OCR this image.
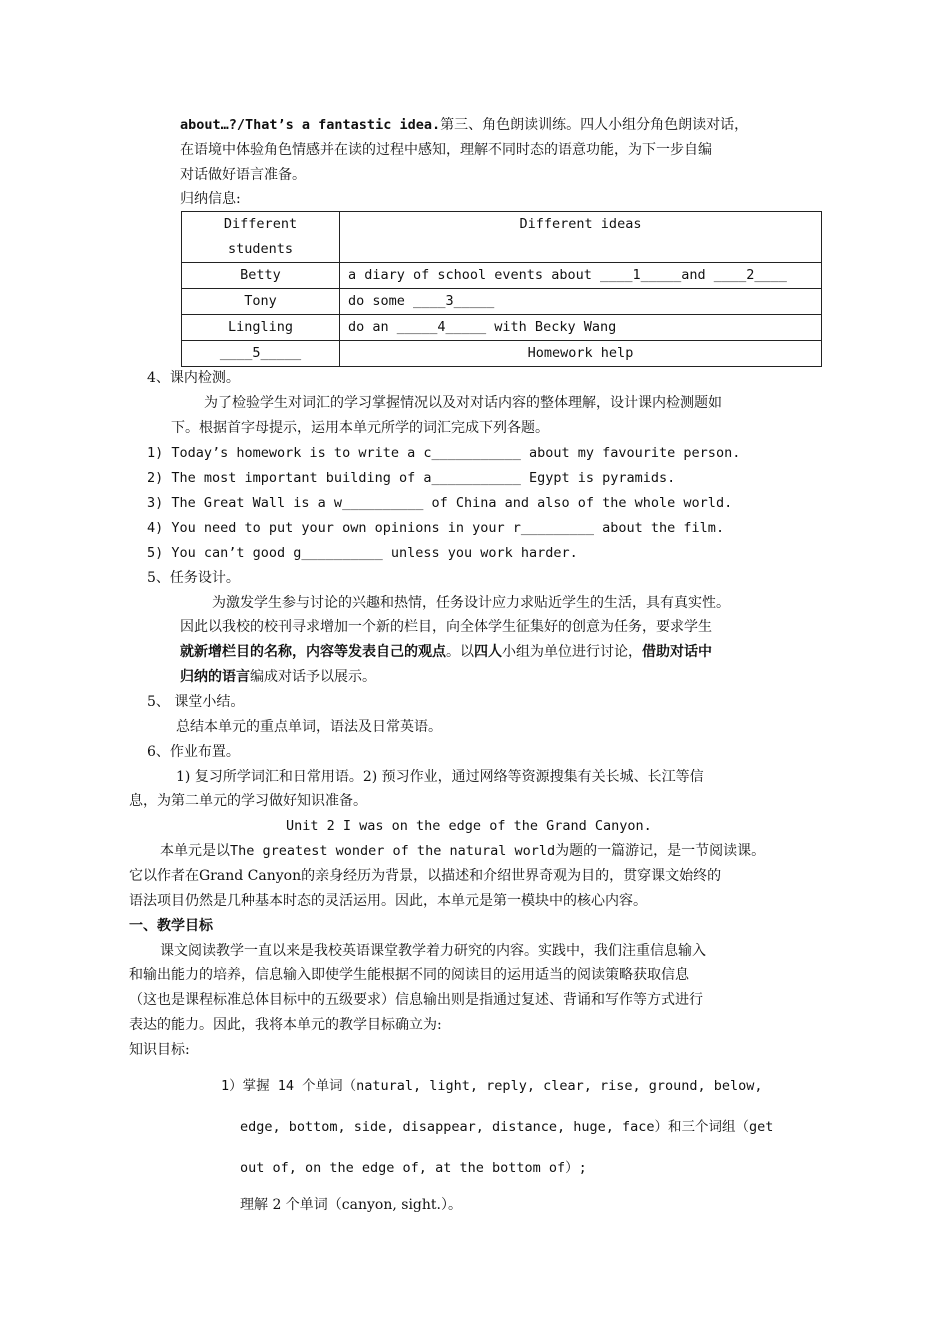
about…?/That’s a fantastic idea.第三、角色朗读训练。四人小组分角色朗读对话，
在语境中体验角色情感并在读的过程中感知，理解不同时态的语意功能，为下一步自编
对话做好语言准备。
归纳信息:
Different students	Different ideas
Betty	a diary of school events about ____1_____and ____2____
Tony	do some ____3_____
Lingling	do an _____4_____ with Becky Wang
____5_____	Homework help
4、课内检测。
为了检验学生对词汇的学习掌握情况以及对对话内容的整体理解，设计课内检测题如
下。根据首字母提示，运用本单元所学的词汇完成下列各题。
1) Today’s homework is to write a c___________ about my favourite person.
2) The most important building of a___________ Egypt is pyramids.
3) The Great Wall is a w__________ of China and also of the whole world.
4) You need to put your own opinions in your r_________ about the film.
5) You can’t good g__________ unless you work harder.
5、任务设计。
为激发学生参与讨论的兴趣和热情，任务设计应力求贴近学生的生活，具有真实性。
因此以我校的校刊寻求增加一个新的栏目，向全体学生征集好的创意为任务，要求学生
就新增栏目的名称，内容等发表自己的观点。以四人小组为单位进行讨论，借助对话中
归纳的语言编成对话予以展示。
5、 课堂小结。
总结本单元的重点单词，语法及日常英语。
6、作业布置。
1) 复习所学词汇和日常用语。2) 预习作业，通过网络等资源搜集有关长城、长江等信
息，为第二单元的学习做好知识准备。
Unit 2 I was on the edge of the Grand Canyon.
本单元是以The greatest wonder of the natural world为题的一篇游记，是一节阅读课。
它以作者在Grand Canyon的亲身经历为背景，以描述和介绍世界奇观为目的，贯穿课文始终的
语法项目仍然是几种基本时态的灵活运用。因此，本单元是第一模块中的核心内容。
一、教学目标
课文阅读教学一直以来是我校英语课堂教学着力研究的内容。实践中，我们注重信息输入
和输出能力的培养，信息输入即使学生能根据不同的阅读目的运用适当的阅读策略获取信息
（这也是课程标准总体目标中的五级要求）信息输出则是指通过复述、背诵和写作等方式进行
表达的能力。因此，我将本单元的教学目标确立为:
知识目标:
1）掌握 14 个单词（natural, light, reply, clear, rise, ground, below,
edge, bottom, side, disappear, distance, huge, face）和三个词组（get
out of, on the edge of, at the bottom of）;
理解 2 个单词（canyon, sight.）。
